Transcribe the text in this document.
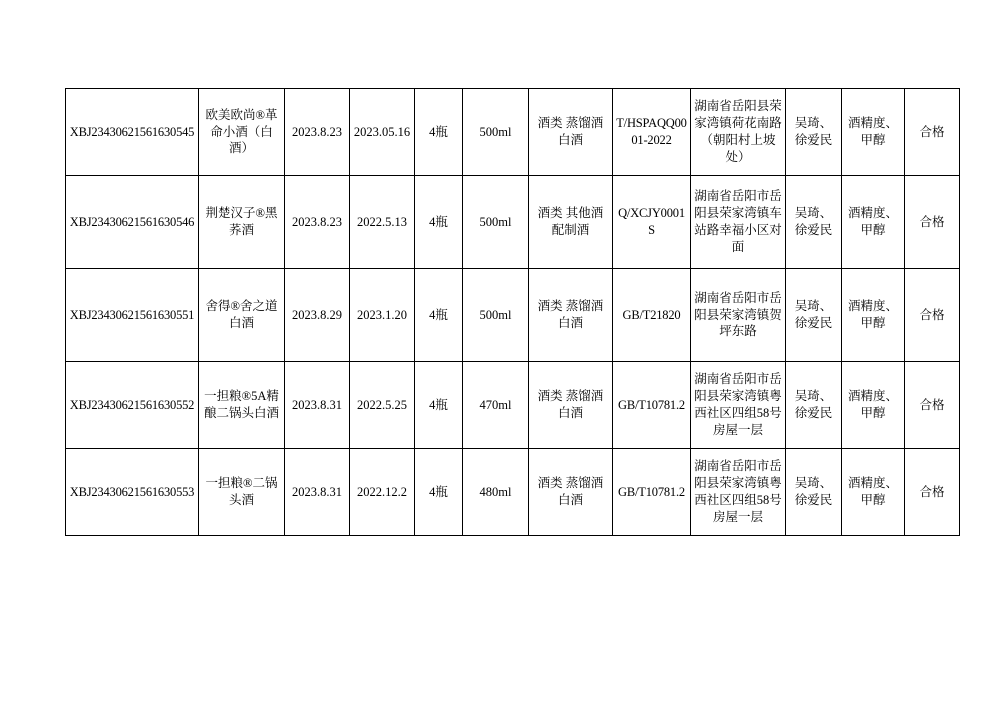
XBJ23430621561630545	欧美欧尚®革命小酒（白酒）	2023.8.23	2023.05.16	4瓶	500ml	酒类 蒸馏酒 白酒	T/HSPAQQ0001-2022	湖南省岳阳县荣家湾镇荷花南路（朝阳村上坡处）	吴琦、徐爱民	酒精度、甲醇	合格
XBJ23430621561630546	荆楚汉子®黑荞酒	2023.8.23	2022.5.13	4瓶	500ml	酒类 其他酒 配制酒	Q/XCJY0001S	湖南省岳阳市岳阳县荣家湾镇车站路幸福小区对面	吴琦、徐爱民	酒精度、甲醇	合格
XBJ23430621561630551	舍得®舍之道白酒	2023.8.29	2023.1.20	4瓶	500ml	酒类 蒸馏酒 白酒	GB/T21820	湖南省岳阳市岳阳县荣家湾镇贺坪东路	吴琦、徐爱民	酒精度、甲醇	合格
XBJ23430621561630552	一担粮®5A精酿二锅头白酒	2023.8.31	2022.5.25	4瓶	470ml	酒类 蒸馏酒 白酒	GB/T10781.2	湖南省岳阳市岳阳县荣家湾镇粤西社区四组58号房屋一层	吴琦、徐爱民	酒精度、甲醇	合格
XBJ23430621561630553	一担粮®二锅头酒	2023.8.31	2022.12.2	4瓶	480ml	酒类 蒸馏酒 白酒	GB/T10781.2	湖南省岳阳市岳阳县荣家湾镇粤西社区四组58号房屋一层	吴琦、徐爱民	酒精度、甲醇	合格
